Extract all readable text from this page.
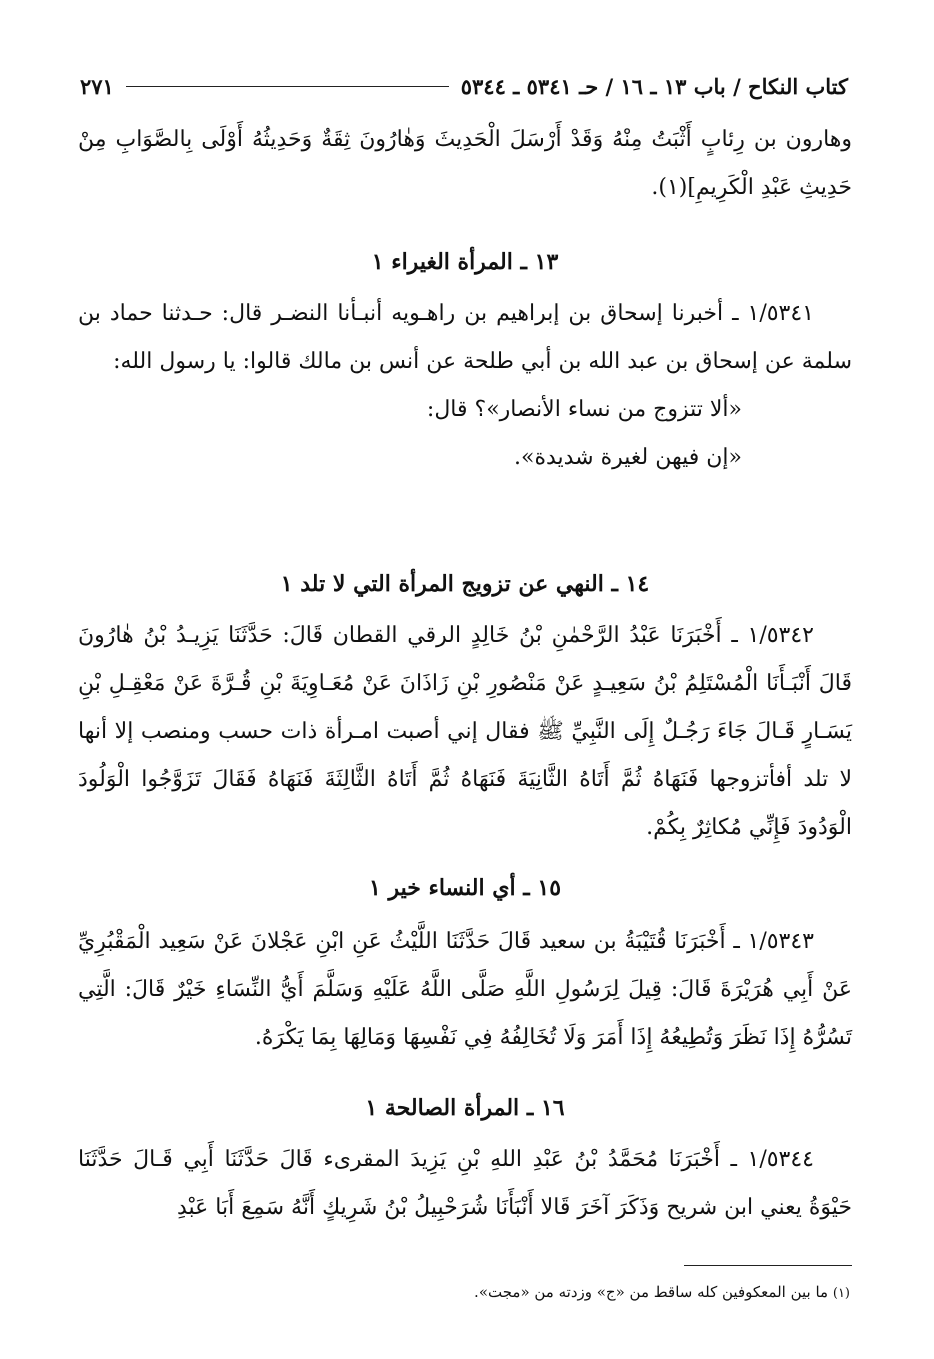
كتاب النكاح / باب ١٣ ـ ١٦ / حـ ٥٣٤١ ـ ٥٣٤٤
٢٧١

وهارون بن رِئابٍ أَثْبَتُ مِنْهُ وَقَدْ أَرْسَلَ الْحَدِيثَ وَهٰارُونَ ثِقَةٌ وَحَدِيثُهُ أَوْلَى بِالصَّوَابِ مِنْ حَدِيثِ عَبْدِ الْكَرِيمِ](١).

١٣ ـ المرأة الغيراء ١

١/٥٣٤١ ـ أخبرنا إسحاق بن إبراهيم بن راهـويه أنبـأنا النضـر قال: حـدثنا حماد بن سلمة عن إسحاق بن عبد الله بن أبي طلحة عن أنس بن مالك قالوا: يا رسول الله:

«ألا تتزوج من نساء الأنصار»؟ قال:

«إن فيهن لغيرة شديدة».

١٤ ـ النهي عن تزويج المرأة التي لا تلد ١

١/٥٣٤٢ ـ أَخْبَرَنَا عَبْدُ الرَّحْمٰنِ بْنُ خَالِدٍ الرقي القطان قَالَ: حَدَّثَنَا يَزِيـدُ بْنُ هٰارُونَ قَالَ أَنْبَـأَنَا الْمُسْتَلِمُ بْنُ سَعِيـدٍ عَنْ مَنْصُورِ بْنِ زَاذَانَ عَنْ مُعَـاوِيَةَ بْنِ قُـرَّةَ عَنْ مَعْقِـلِ بْنِ يَسَـارٍ قَـالَ جَاءَ رَجُـلٌ إِلَى النَّبِيِّ ﷺ فقال إني أصبت امـرأة ذات حسب ومنصب إلا أنها لا تلد أفأتزوجها فَنَهَاهُ ثُمَّ أَتَاهُ الثَّانِيَةَ فَنَهَاهُ ثُمَّ أَتَاهُ الثَّالِثَةَ فَنَهَاهُ فَقَالَ تَزَوَّجُوا الْوَلُودَ الْوَدُودَ فَإِنِّي مُكاثِرٌ بِكُمْ.

١٥ ـ أي النساء خير ١

١/٥٣٤٣ ـ أَخْبَرَنَا قُتَيْبَةُ بن سعيد قَالَ حَدَّثَنَا اللَّيْثُ عَنِ ابْنِ عَجْلانَ عَنْ سَعِيد الْمَقْبُرِيِّ عَنْ أَبِي هُرَيْرَةَ قَالَ: قِيلَ لِرَسُولِ اللَّهِ صَلَّى اللَّهُ عَلَيْهِ وَسَلَّمَ أَيُّ النِّسَاءِ خَيْرٌ قَالَ: الَّتِي تَسُرُّهُ إِذَا نَظَرَ وَتُطِيعُهُ إِذَا أَمَرَ وَلَا تُخَالِفُهُ فِي نَفْسِهَا وَمَالِهَا بِمَا يَكْرَهُ.

١٦ ـ المرأة الصالحة ١

١/٥٣٤٤ ـ أَخْبَرَنَا مُحَمَّدُ بْنُ عَبْدِ اللهِ بْنِ يَزِيدَ المقرىء قَالَ حَدَّثَنَا أَبِي قَـالَ حَدَّثَنَا حَيْوَةُ يعني ابن شريح وَذَكَرَ آخَرَ قَالا أَنْبَأَنَا شُرَحْبِيلُ بْنُ شَرِيكٍ أَنَّهُ سَمِعَ أَبَا عَبْدِ

(١) ما بين المعكوفين كله ساقط من «ج» وزدته من «مجت».
